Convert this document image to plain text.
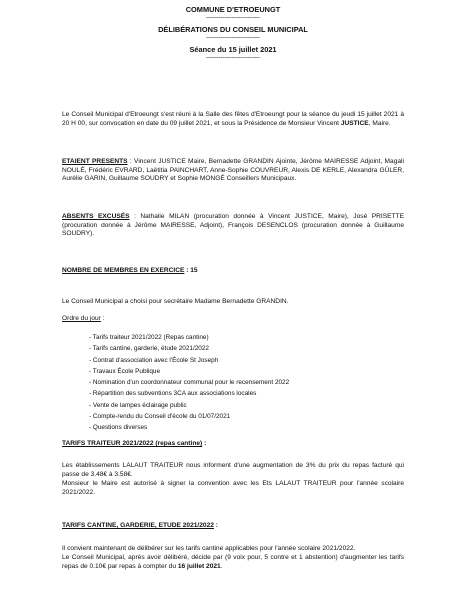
COMMUNE D'ETROEUNGT
------------------------------
DÉLIBÉRATIONS DU CONSEIL MUNICIPAL
------------------------------
Séance du 15 juillet 2021
------------------------------
Le Conseil Municipal d'Etroeungt s'est réuni à la Salle des fêtes d'Etroeungt pour la séance du jeudi 15 juillet 2021 à 20 H 00, sur convocation en date du 09 juillet 2021, et sous la Présidence de Monsieur Vincent JUSTICE, Maire.
ETAIENT PRESENTS : Vincent JUSTICE Maire, Bernadette GRANDIN Ajointe, Jérôme MAIRESSE Adjoint, Magali NOULÉ, Frédéric EVRARD, Laëtitia PAINCHART, Anne-Sophie COUVREUR, Alexis DE KERLE, Alexandra GÜLER, Aurélie GARIN, Guillaume SOUDRY et Sophie MONGÉ Conseillers Municipaux.
ABSENTS EXCUSÉS : Nathalie MILAN (procuration donnée à Vincent JUSTICE, Maire), José PRISETTE (procuration donnée à Jérôme MAIRESSE, Adjoint), François DESENCLOS (procuration donnée à Guillaume SOUDRY).
NOMBRE DE MEMBRES EN EXERCICE : 15
Le Conseil Municipal a choisi pour secrétaire Madame Bernadette GRANDIN.
Ordre du jour :
- Tarifs traiteur 2021/2022 (Repas cantine)
- Tarifs cantine, garderie, étude 2021/2022
- Contrat d'association avec l'École St Joseph
- Travaux École Publique
- Nomination d'un coordonnateur communal pour le recensement 2022
- Répartition des subventions 3CA aux associations locales
- Vente de lampes éclairage public
- Compte-rendu du Conseil d'école du 01/07/2021
- Questions diverses
TARIFS TRAITEUR 2021/2022 (repas cantine) :
Les établissements LALAUT TRAITEUR nous informent d'une augmentation de 3% du prix du repas facturé qui passe de 3.48€ à 3.58€.
Monsieur le Maire est autorisé à signer la convention avec les Ets LALAUT TRAITEUR pour l'année scolaire 2021/2022.
TARIFS CANTINE, GARDERIE, ETUDE 2021/2022 :
Il convient maintenant de délibérer sur les tarifs cantine applicables pour l'année scolaire 2021/2022.
Le Conseil Municipal, après avoir délibéré, décide par (9 voix pour, 5 contre et 1 abstention) d'augmenter les tarifs repas de 0.10€ par repas à compter du 16 juillet 2021.
